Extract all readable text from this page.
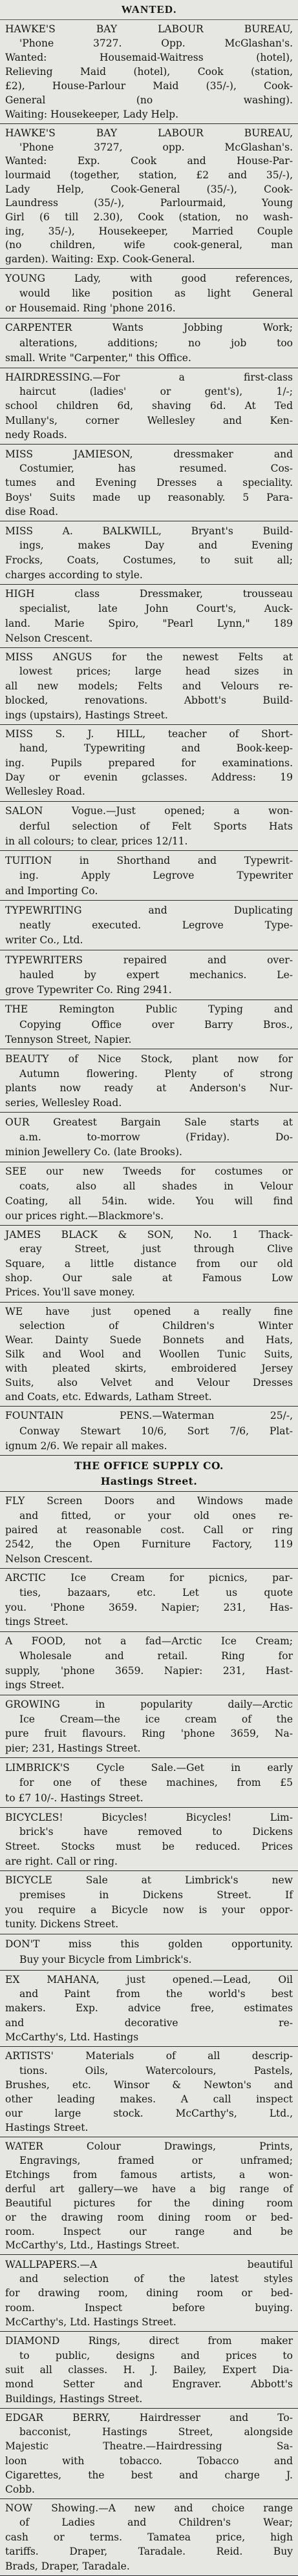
WANTED.
HAWKE'S BAY LABOUR BUREAU,
'Phone 3727. Opp. McGlashan's.
Wanted: Housemaid-Waitress (hotel),
Relieving Maid (hotel), Cook (station,
£2), House-Parlour Maid (35/-), Cook-
General (no washing).
Waiting: Housekeeper, Lady Help.
HAWKE'S BAY LABOUR BUREAU,
'Phone 3727, opp. McGlashan's.
Wanted: Exp. Cook and House-Par-
lourmaid (together, station, £2 and 35/-),
Lady Help, Cook-General (35/-), Cook-
Laundress (35/-), Parlourmaid, Young
Girl (6 till 2.30), Cook (station, no wash-
ing, 35/-), Housekeeper, Married Couple
(no children, wife cook-general, man
garden). Waiting: Exp. Cook-General.
YOUNG Lady, with good references,
would like position as light General
or Housemaid. Ring 'phone 2016.
CARPENTER Wants Jobbing Work;
alterations, additions; no job too
small. Write "Carpenter," this Office.
HAIRDRESSING.—For a first-class
haircut (ladies' or gent's), 1/-;
school children 6d, shaving 6d. At Ted
Mullany's, corner Wellesley and Ken-
nedy Roads.
MISS JAMIESON, dressmaker and
Costumier, has resumed. Cos-
tumes and Evening Dresses a speciality.
Boys' Suits made up reasonably. 5 Para-
dise Road.
MISS A. BALKWILL, Bryant's Build-
ings, makes Day and Evening
Frocks, Coats, Costumes, to suit all;
charges according to style.
HIGH class Dressmaker, trousseau
specialist, late John Court's, Auck-
land. Marie Spiro, "Pearl Lynn," 189
Nelson Crescent.
MISS ANGUS for the newest Felts at
lowest prices; large head sizes in
all new models; Felts and Velours re-
blocked, renovations. Abbott's Build-
ings (upstairs), Hastings Street.
MISS S. J. HILL, teacher of Short-
hand, Typewriting and Book-keep-
ing. Pupils prepared for examinations.
Day or evenin gclasses. Address: 19
Wellesley Road.
SALON Vogue.—Just opened; a won-
derful selection of Felt Sports Hats
in all colours; to clear, prices 12/11.
TUITION in Shorthand and Typewrit-
ing. Apply Legrove Typewriter
and Importing Co.
TYPEWRITING and Duplicating
neatly executed. Legrove Type-
writer Co., Ltd.
TYPEWRITERS repaired and over-
hauled by expert mechanics. Le-
grove Typewriter Co. Ring 2941.
THE Remington Public Typing and
Copying Office over Barry Bros.,
Tennyson Street, Napier.
BEAUTY of Nice Stock, plant now for
Autumn flowering. Plenty of strong
plants now ready at Anderson's Nur-
series, Wellesley Road.
OUR Greatest Bargain Sale starts at
a.m. to-morrow (Friday). Do-
minion Jewellery Co. (late Brooks).
SEE our new Tweeds for costumes or
coats, also all shades in Velour
Coating, all 54in. wide. You will find
our prices right.—Blackmore's.
JAMES BLACK & SON, No. 1 Thack-
eray Street, just through Clive
Square, a little distance from our old
shop. Our sale at Famous Low
Prices. You'll save money.
WE have just opened a really fine
selection of Children's Winter
Wear. Dainty Suede Bonnets and Hats,
Silk and Wool and Woollen Tunic Suits,
with pleated skirts, embroidered Jersey
Suits, also Velvet and Velour Dresses
and Coats, etc. Edwards, Latham Street.
FOUNTAIN PENS.—Waterman 25/-,
Conway Stewart 10/6, Sort 7/6, Plat-
ignum 2/6. We repair all makes.
THE OFFICE SUPPLY CO.
Hastings Street.
FLY Screen Doors and Windows made
and fitted, or your old ones re-
paired at reasonable cost. Call or ring
2542, the Open Furniture Factory, 119
Nelson Crescent.
ARCTIC Ice Cream for picnics, par-
ties, bazaars, etc. Let us quote
you. 'Phone 3659. Napier; 231, Has-
tings Street.
A FOOD, not a fad—Arctic Ice Cream;
Wholesale and retail. Ring for
supply, 'phone 3659. Napier: 231, Hast-
ings Street.
GROWING in popularity daily—Arctic
Ice Cream—the ice cream of the
pure fruit flavours. Ring 'phone 3659, Na-
pier; 231, Hastings Street.
LIMBRICK'S Cycle Sale.—Get in early
for one of these machines, from £5
to £7 10/-. Hastings Street.
BICYCLES! Bicycles! Bicycles! Lim-
brick's have removed to Dickens
Street. Stocks must be reduced. Prices
are right. Call or ring.
BICYCLE Sale at Limbrick's new
premises in Dickens Street. If
you require a Bicycle now is your oppor-
tunity. Dickens Street.
DON'T miss this golden opportunity.
Buy your Bicycle from Limbrick's.
EX MAHANA, just opened.—Lead, Oil
and Paint from the world's best
makers. Exp. advice free, estimates
and decorative re-
McCarthy's, Ltd. Hastings
ARTISTS' Materials of all descrip-
tions. Oils, Watercolours, Pastels,
Brushes, etc. Winsor & Newton's and
other leading makes. A call inspect
our large stock. McCarthy's, Ltd.,
Hastings Street.
WATER Colour Drawings, Prints,
Engravings, framed or unframed;
Etchings from famous artists, a won-
derful art gallery—we have a big range of
Beautiful pictures for the dining room
or the drawing room dining room or bed-
room. Inspect our range and be
McCarthy's, Ltd., Hastings Street.
WALLPAPERS.—A beautiful
and selection of the latest styles
for drawing room, dining room or bed-
room. Inspect before buying.
McCarthy's, Ltd. Hastings Street.
DIAMOND Rings, direct from maker
to public, designs and prices to
suit all classes. H. J. Bailey, Expert Dia-
mond Setter and Engraver. Abbott's
Buildings, Hastings Street.
EDGAR BERRY, Hairdresser and To-
bacconist, Hastings Street, alongside
Majestic Theatre.—Hairdressing Sa-
loon with tobacco. Tobacco and
Cigarettes, the best and charge J.
Cobb.
NOW Showing.—A new and choice range
of Ladies and Children's Wear;
cash or terms. Tamatea price, high
tariffs. Draper, Taradale. Reid. Buy
Brads, Draper, Taradale.
